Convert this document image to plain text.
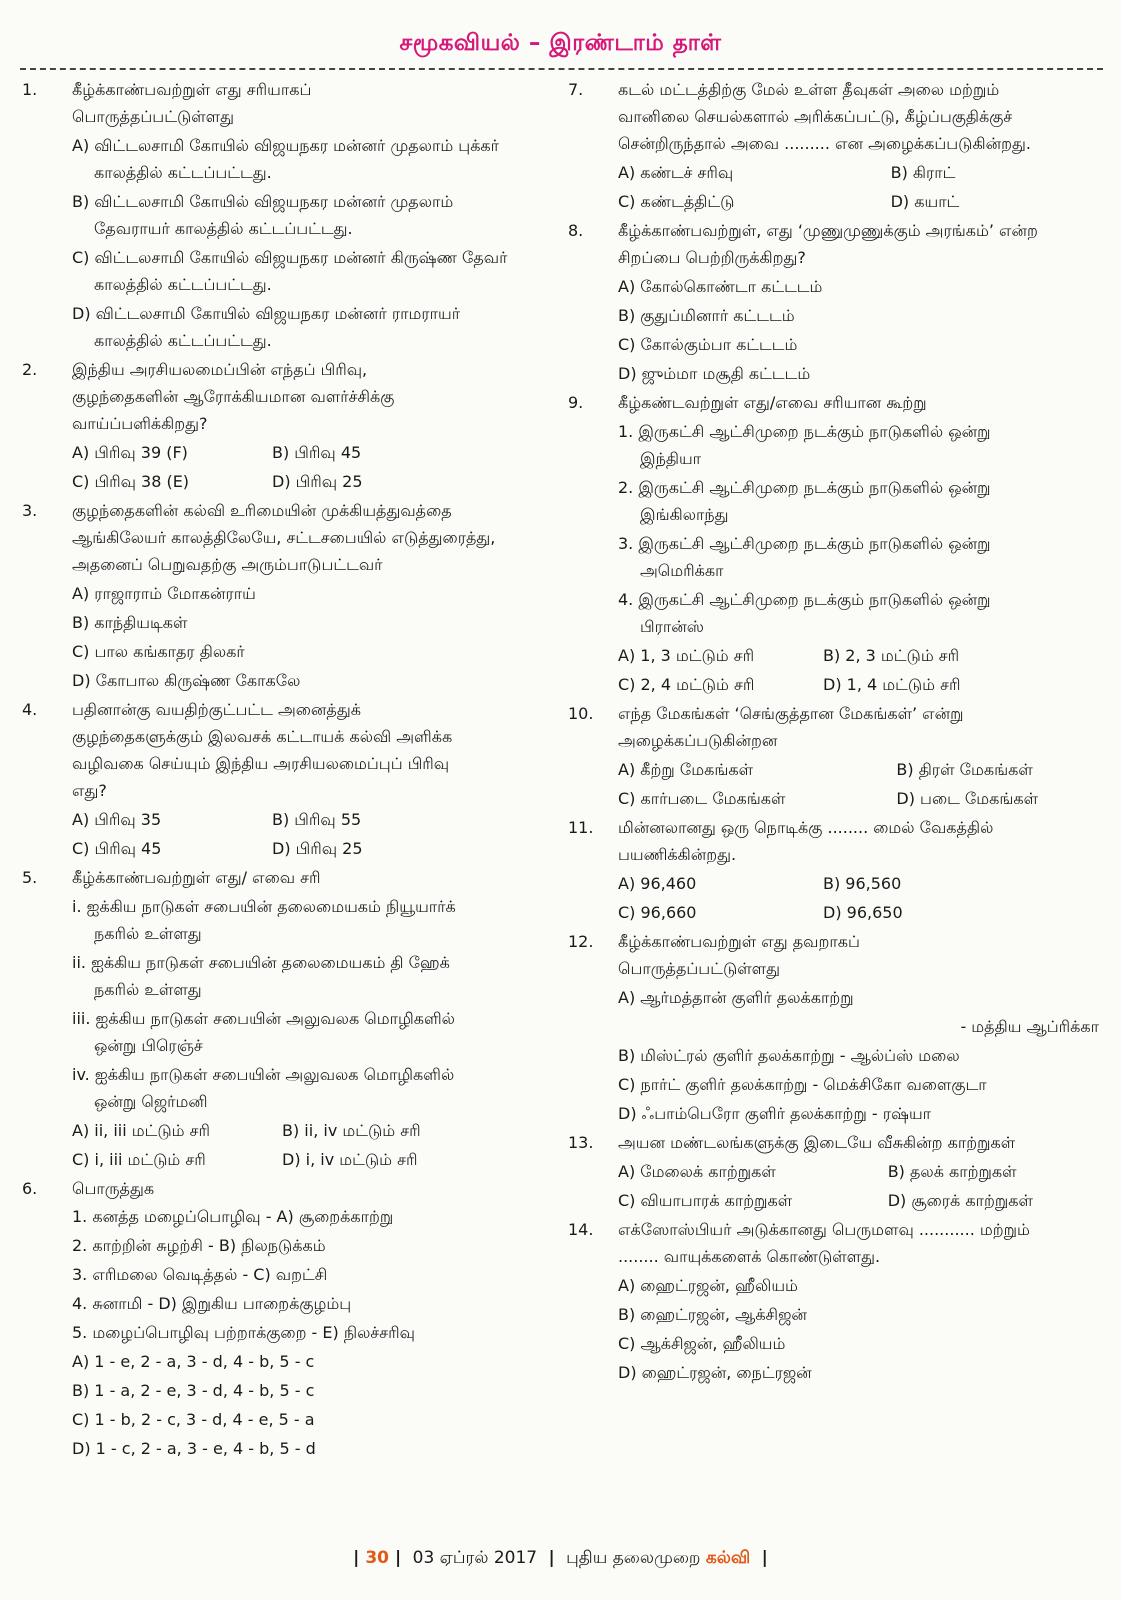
சமூகவியல் – இரண்டாம் தாள்
1. கீழ்க்காண்பவற்றுள் எது சரியாகப் பொருத்தப்பட்டுள்ளது
A) விட்டலசாமி கோயில் விஜயநகர மன்னர் முதலாம் புக்கர் காலத்தில் கட்டப்பட்டது.
B) விட்டலசாமி கோயில் விஜயநகர மன்னர் முதலாம் தேவராயர் காலத்தில் கட்டப்பட்டது.
C) விட்டலசாமி கோயில் விஜயநகர மன்னர் கிருஷ்ண தேவர் காலத்தில் கட்டப்பட்டது.
D) விட்டலசாமி கோயில் விஜயநகர மன்னர் ராமராயர் காலத்தில் கட்டப்பட்டது.
2. இந்திய அரசியலமைப்பின் எந்தப் பிரிவு, குழந்தைகளின் ஆரோக்கியமான வளர்ச்சிக்கு வாய்ப்பளிக்கிறது?
A) பிரிவு 39 (F)	B) பிரிவு 45
C) பிரிவு 38 (E)	D) பிரிவு 25
3. குழந்தைகளின் கல்வி உரிமையின் முக்கியத்துவத்தை ஆங்கிலேயர் காலத்திலேயே, சட்டசபையில் எடுத்துரைத்து, அதனைப் பெறுவதற்கு அரும்பாடுபட்டவர்
A) ராஜாராம் மோகன்ராய்
B) காந்தியடிகள்
C) பால கங்காதர திலகர்
D) கோபால கிருஷ்ண கோகலே
4. பதினான்கு வயதிற்குட்பட்ட அனைத்துக் குழந்தைகளுக்கும் இலவசக் கட்டாயக் கல்வி அளிக்க வழிவகை செய்யும் இந்திய அரசியலமைப்புப் பிரிவு எது?
A) பிரிவு 35	B) பிரிவு 55
C) பிரிவு 45	D) பிரிவு 25
5. கீழ்க்காண்பவற்றுள் எது/ எவை சரி
i. ஐக்கிய நாடுகள் சபையின் தலைமையகம் நியூயார்க் நகரில் உள்ளது
ii. ஐக்கிய நாடுகள் சபையின் தலைமையகம் தி ஹேக் நகரில் உள்ளது
iii. ஐக்கிய நாடுகள் சபையின் அலுவலக மொழிகளில் ஒன்று பிரெஞ்ச்
iv. ஐக்கிய நாடுகள் சபையின் அலுவலக மொழிகளில் ஒன்று ஜெர்மனி
A) ii, iii மட்டும் சரி	B) ii, iv மட்டும் சரி
C) i, iii மட்டும் சரி	D) i, iv மட்டும் சரி
6. பொருத்துக
1. கனத்த மழைப்பொழிவு - A) சூறைக்காற்று
2. காற்றின் சுழற்சி - B) நிலநடுக்கம்
3. எரிமலை வெடித்தல் - C) வறட்சி
4. சுனாமி - D) இறுகிய பாறைக்குழம்பு
5. மழைப்பொழிவு பற்றாக்குறை - E) நிலச்சரிவு
A) 1 - e, 2 - a, 3 - d, 4 - b, 5 - c
B) 1 - a, 2 - e, 3 - d, 4 - b, 5 - c
C) 1 - b, 2 - c, 3 - d, 4 - e, 5 - a
D) 1 - c, 2 - a, 3 - e, 4 - b, 5 - d
7. கடல் மட்டத்திற்கு மேல் உள்ள தீவுகள் அலை மற்றும் வானிலை செயல்களால் அரிக்கப்பட்டு, கீழ்ப்பகுதிக்குச் சென்றிருந்தால் அவை ......... என அழைக்கப்படுகின்றது.
A) கண்டச் சரிவு	B) கிராட்
C) கண்டத்திட்டு	D) கயாட்
8. கீழ்க்காண்பவற்றுள், எது ‘முணுமுணுக்கும் அரங்கம்’ என்ற சிறப்பை பெற்றிருக்கிறது?
A) கோல்கொண்டா கட்டடம்
B) குதுப்மினார் கட்டடம்
C) கோல்கும்பா கட்டடம்
D) ஜும்மா மசூதி கட்டடம்
9. கீழ்கண்டவற்றுள் எது/எவை சரியான கூற்று
1. இருகட்சி ஆட்சிமுறை நடக்கும் நாடுகளில் ஒன்று இந்தியா
2. இருகட்சி ஆட்சிமுறை நடக்கும் நாடுகளில் ஒன்று இங்கிலாந்து
3. இருகட்சி ஆட்சிமுறை நடக்கும் நாடுகளில் ஒன்று அமெரிக்கா
4. இருகட்சி ஆட்சிமுறை நடக்கும் நாடுகளில் ஒன்று பிரான்ஸ்
A) 1, 3 மட்டும் சரி	B) 2, 3 மட்டும் சரி
C) 2, 4 மட்டும் சரி	D) 1, 4 மட்டும் சரி
10. எந்த மேகங்கள் ‘செங்குத்தான மேகங்கள்’ என்று அழைக்கப்படுகின்றன
A) கீற்று மேகங்கள்	B) திரள் மேகங்கள்
C) கார்படை மேகங்கள்	D) படை மேகங்கள்
11. மின்னலானது ஒரு நொடிக்கு ........ மைல் வேகத்தில் பயணிக்கின்றது.
A) 96,460	B) 96,560
C) 96,660	D) 96,650
12. கீழ்க்காண்பவற்றுள் எது தவறாகப் பொருத்தப்பட்டுள்ளது
A) ஆர்மத்தான் குளிர் தலக்காற்று
- மத்திய ஆப்ரிக்கா
B) மிஸ்ட்ரல் குளிர் தலக்காற்று - ஆல்ப்ஸ் மலை
C) நார்ட் குளிர் தலக்காற்று - மெக்சிகோ வளைகுடா
D) ஃபாம்பெரோ குளிர் தலக்காற்று - ரஷ்யா
13. அயன மண்டலங்களுக்கு இடையே வீசுகின்ற காற்றுகள்
A) மேலைக் காற்றுகள்	B) தலக் காற்றுகள்
C) வியாபாரக் காற்றுகள்	D) சூரைக் காற்றுகள்
14. எக்ஸோஸ்பியர் அடுக்கானது பெருமளவு ........... மற்றும் ........ வாயுக்களைக் கொண்டுள்ளது.
A) ஹைட்ரஜன், ஹீலியம்
B) ஹைட்ரஜன், ஆக்சிஜன்
C) ஆக்சிஜன், ஹீலியம்
D) ஹைட்ரஜன், நைட்ரஜன்
| 30 | 03 ஏப்ரல் 2017 | புதிய தலைமுறை கல்வி |
